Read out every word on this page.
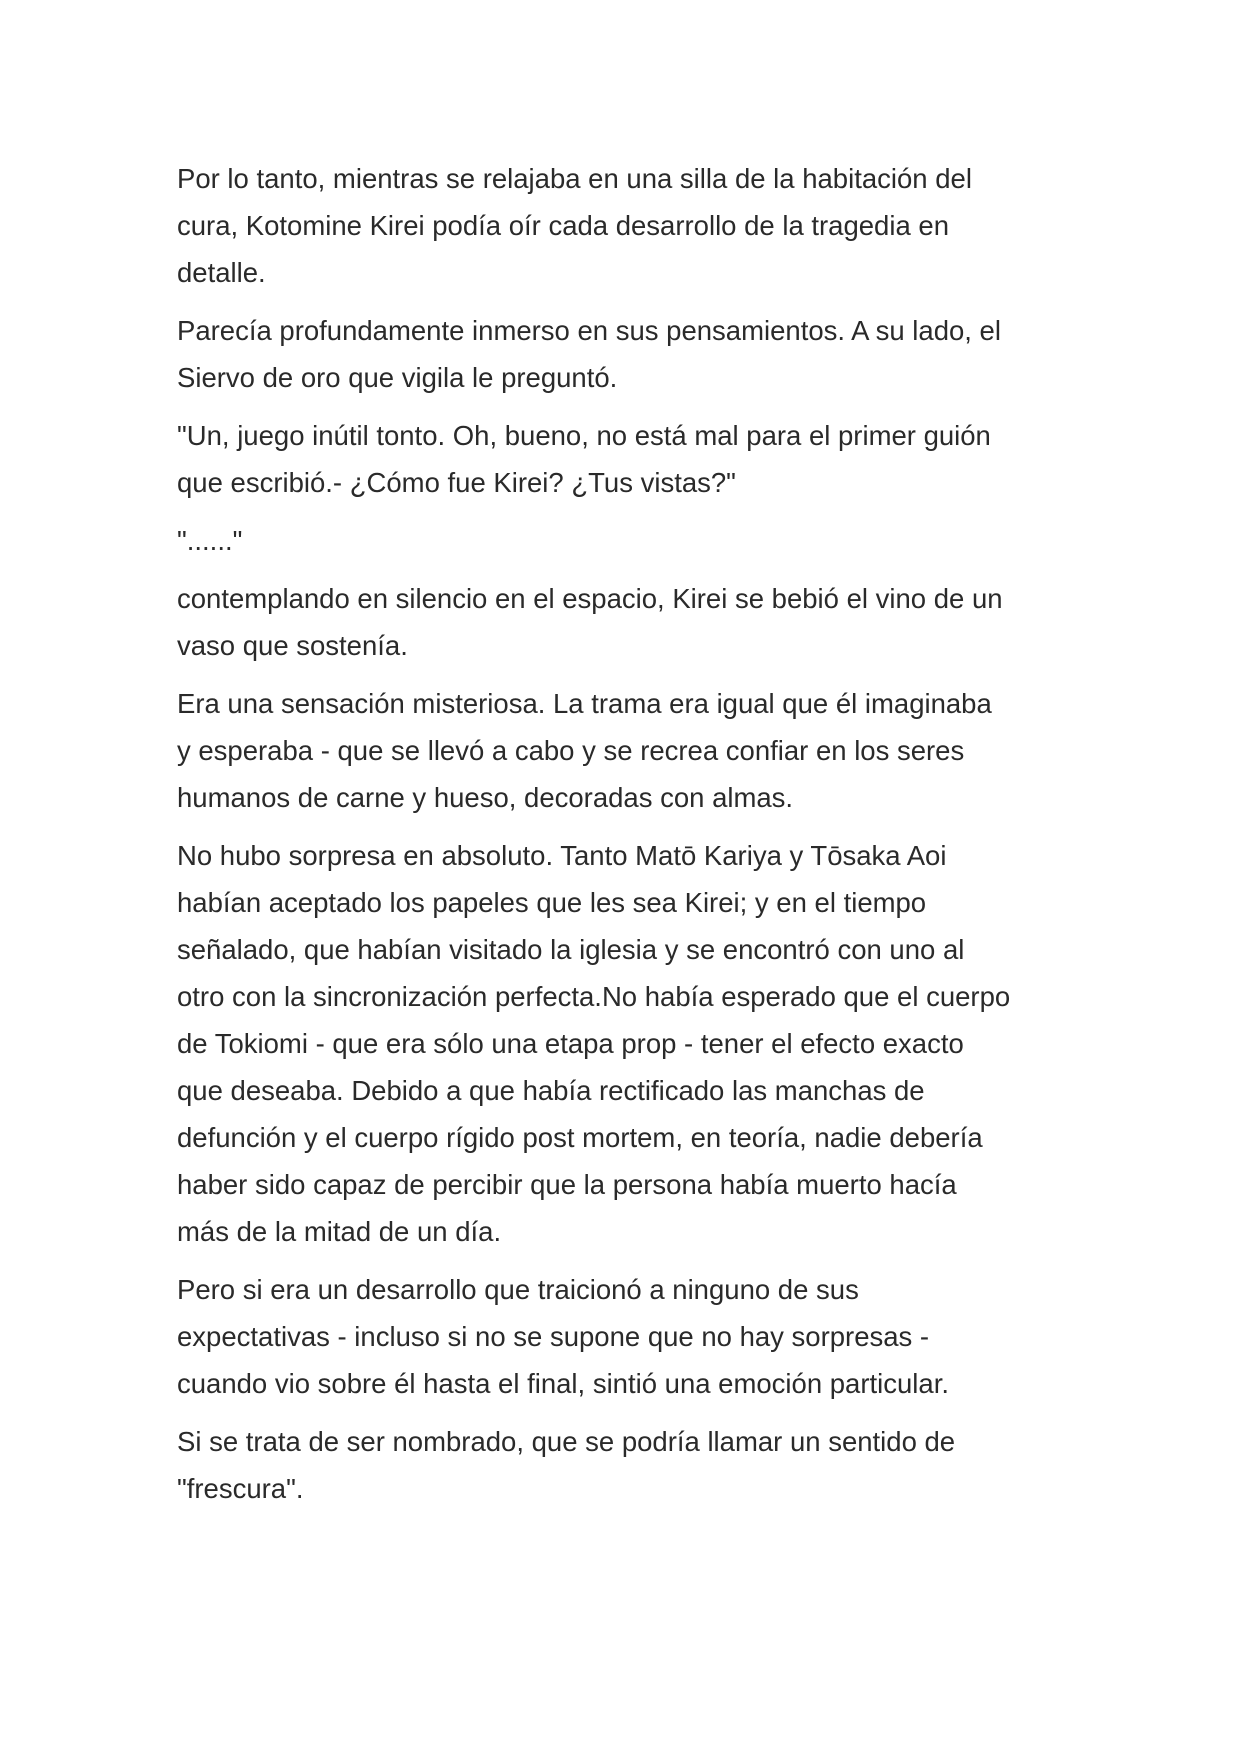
Por lo tanto, mientras se relajaba en una silla de la habitación del
cura, Kotomine Kirei podía oír cada desarrollo de la tragedia en
detalle.

Parecía profundamente inmerso en sus pensamientos. A su lado, el
Siervo de oro que vigila le preguntó.

"Un, juego inútil tonto. Oh, bueno, no está mal para el primer guión
que escribió.- ¿Cómo fue Kirei? ¿Tus vistas?"

"......"

contemplando en silencio en el espacio, Kirei se bebió el vino de un
vaso que sostenía.

Era una sensación misteriosa. La trama era igual que él imaginaba
y esperaba - que se llevó a cabo y se recrea confiar en los seres
humanos de carne y hueso, decoradas con almas.

No hubo sorpresa en absoluto. Tanto Matō Kariya y Tōsaka Aoi
habían aceptado los papeles que les sea Kirei; y en el tiempo
señalado, que habían visitado la iglesia y se encontró con uno al
otro con la sincronización perfecta.No había esperado que el cuerpo
de Tokiomi - que era sólo una etapa prop - tener el efecto exacto
que deseaba. Debido a que había rectificado las manchas de
defunción y el cuerpo rígido post mortem, en teoría, nadie debería
haber sido capaz de percibir que la persona había muerto hacía
más de la mitad de un día.

Pero si era un desarrollo que traicionó a ninguno de sus
expectativas - incluso si no se supone que no hay sorpresas -
cuando vio sobre él hasta el final, sintió una emoción particular.

Si se trata de ser nombrado, que se podría llamar un sentido de
"frescura".
